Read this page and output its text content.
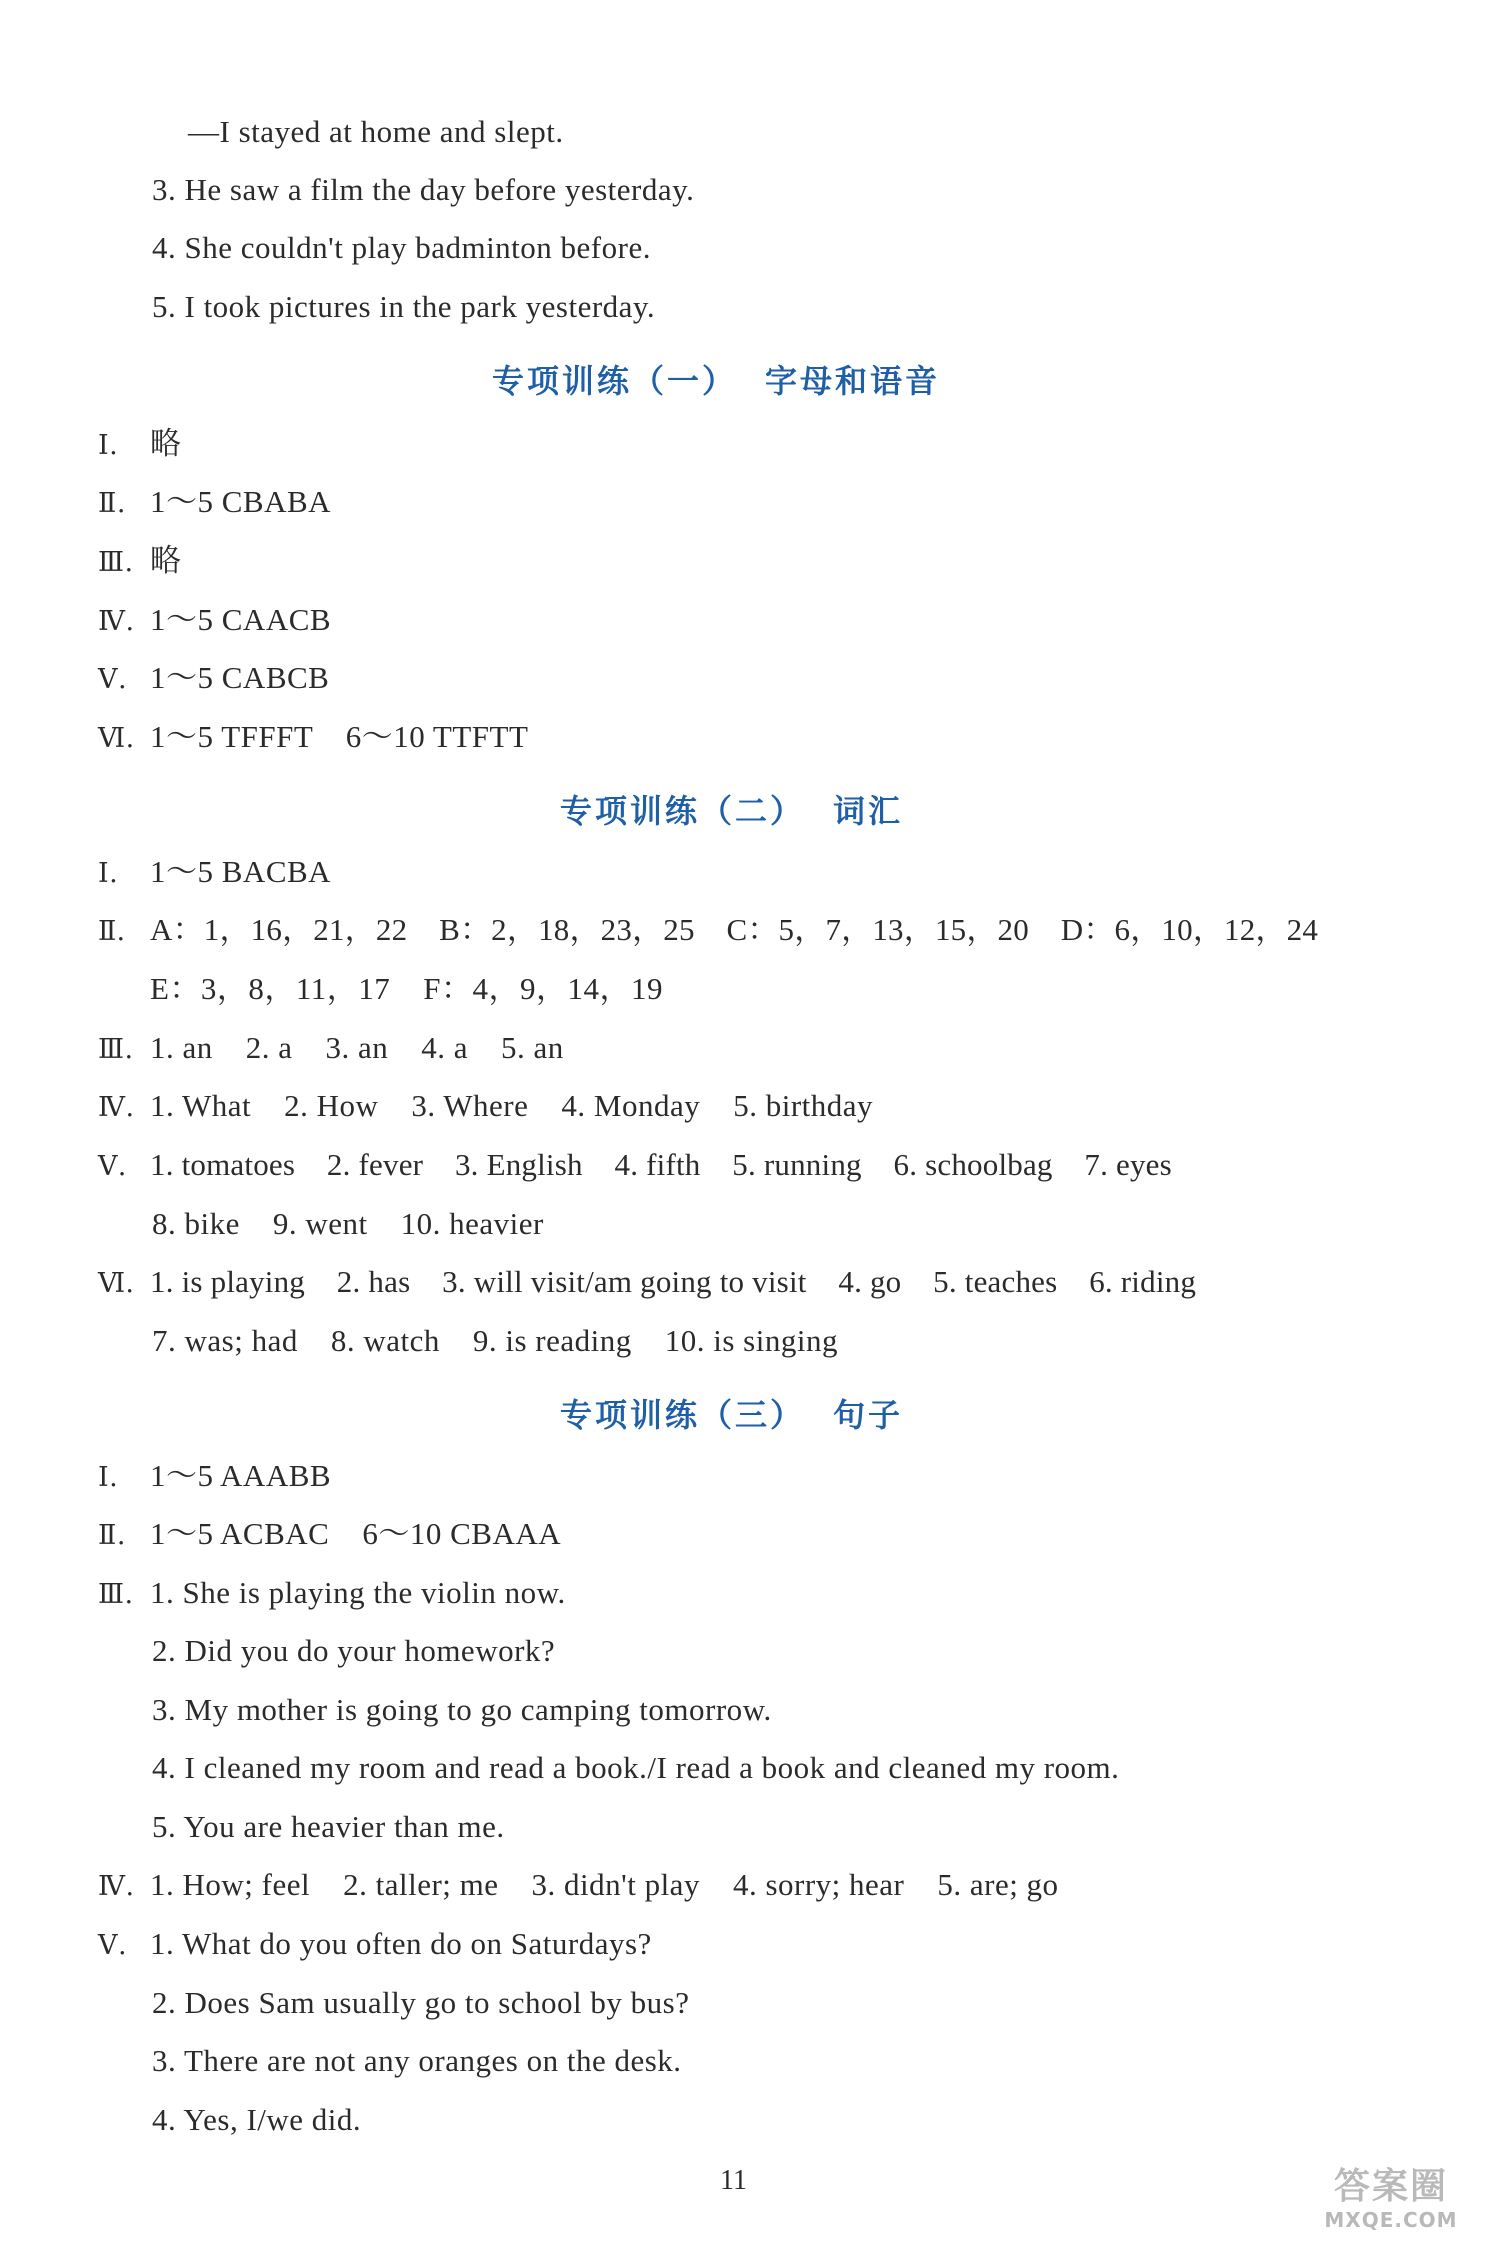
—I stayed at home and slept.
3. He saw a film the day before yesterday.
4. She couldn't play badminton before.
5. I took pictures in the park yesterday.
专项训练（一） 字母和语音
Ⅰ. 略
Ⅱ. 1～5 CBABA
Ⅲ. 略
Ⅳ. 1～5 CAACB
Ⅴ. 1～5 CABCB
Ⅵ. 1～5 TFFFT    6～10 TTFTT
专项训练（二） 词汇
Ⅰ. 1～5 BACBA
Ⅱ. A：1，16，21，22    B：2，18，23，25    C：5，7，13，15，20    D：6，10，12，24
E：3，8，11，17    F：4，9，14，19
Ⅲ. 1. an    2. a    3. an    4. a    5. an
Ⅳ. 1. What    2. How    3. Where    4. Monday    5. birthday
Ⅴ. 1. tomatoes    2. fever    3. English    4. fifth    5. running    6. schoolbag    7. eyes
8. bike    9. went    10. heavier
Ⅵ. 1. is playing    2. has    3. will visit/am going to visit    4. go    5. teaches    6. riding
7. was; had    8. watch    9. is reading    10. is singing
专项训练（三） 句子
Ⅰ. 1～5 AAABB
Ⅱ. 1～5 ACBAC    6～10 CBAAA
Ⅲ. 1. She is playing the violin now.
2. Did you do your homework?
3. My mother is going to go camping tomorrow.
4. I cleaned my room and read a book./I read a book and cleaned my room.
5. You are heavier than me.
Ⅳ. 1. How; feel    2. taller; me    3. didn't play    4. sorry; hear    5. are; go
Ⅴ. 1. What do you often do on Saturdays?
2. Does Sam usually go to school by bus?
3. There are not any oranges on the desk.
4. Yes, I/we did.
11	答案圈
MXQE.COM
